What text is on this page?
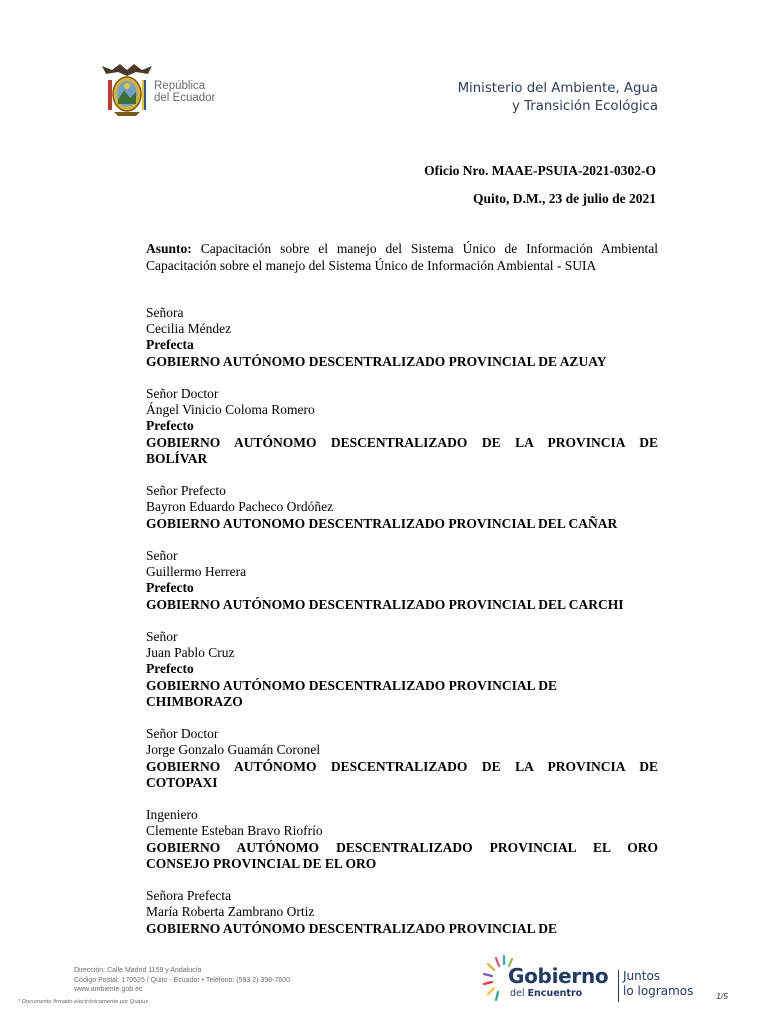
República
del Ecuador
Ministerio del Ambiente, Agua
y Transición Ecológica
Oficio Nro. MAAE-PSUIA-2021-0302-O
Quito, D.M., 23 de julio de 2021
Asunto: Capacitación sobre el manejo del Sistema Único de Información Ambiental Capacitación sobre el manejo del Sistema Único de Información Ambiental - SUIA
Señora
Cecilia Méndez
Prefecta
GOBIERNO AUTÓNOMO DESCENTRALIZADO PROVINCIAL DE AZUAY
Señor Doctor
Ángel Vinicio Coloma Romero
Prefecto
GOBIERNO AUTÓNOMO DESCENTRALIZADO DE LA PROVINCIA DE
BOLÍVAR
Señor Prefecto
Bayron Eduardo Pacheco Ordóñez
GOBIERNO AUTONOMO DESCENTRALIZADO PROVINCIAL DEL CAÑAR
Señor
Guillermo Herrera
Prefecto
GOBIERNO AUTÓNOMO DESCENTRALIZADO PROVINCIAL DEL CARCHI
Señor
Juan Pablo Cruz
Prefecto
GOBIERNO AUTÓNOMO DESCENTRALIZADO PROVINCIAL DE
CHIMBORAZO
Señor Doctor
Jorge Gonzalo Guamán Coronel
GOBIERNO AUTÓNOMO DESCENTRALIZADO DE LA PROVINCIA DE
COTOPAXI
Ingeniero
Clemente Esteban Bravo Riofrío
GOBIERNO AUTÓNOMO DESCENTRALIZADO PROVINCIAL EL ORO
CONSEJO PROVINCIAL DE EL ORO
Señora Prefecta
María Roberta Zambrano Ortiz
GOBIERNO AUTÓNOMO DESCENTRALIZADO PROVINCIAL DE
Dirección: Calle Madrid 1159 y Andalucía
Código Postal: 170525 / Quito - Ecuador • Teléfono: (593 2) 398-7600
www.ambiente.gob.ec
* Documento firmado electrónicamente por Quipux
Gobierno
del Encuentro
Juntos
lo logramos	1/5
